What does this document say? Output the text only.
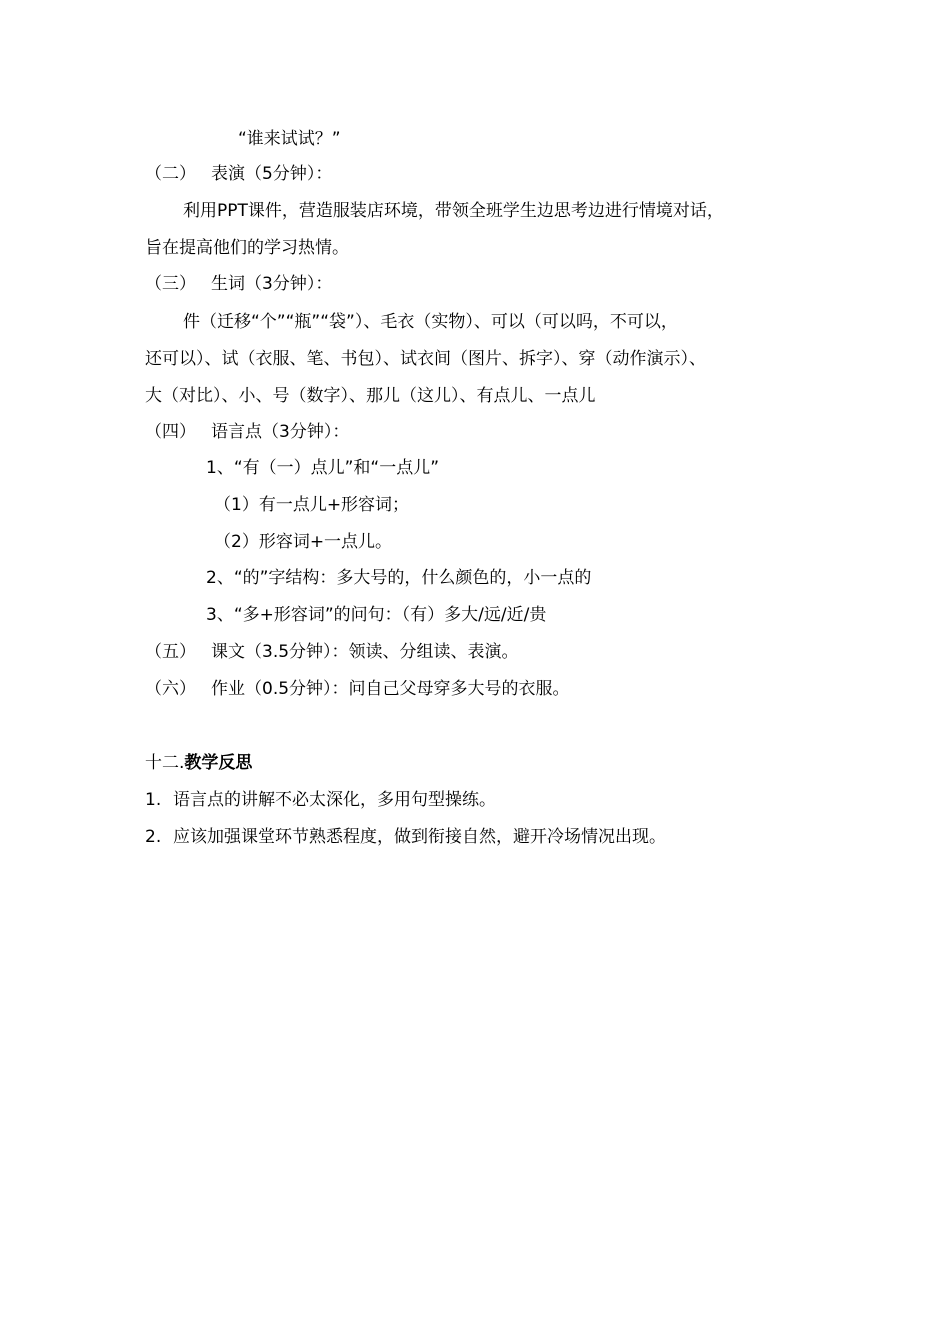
“谁来试试？”
（二） 表演（5分钟）：
利用PPT课件，营造服装店环境，带领全班学生边思考边进行情境对话，
旨在提高他们的学习热情。
（三） 生词（3分钟）：
件（迁移“个”“瓶”“袋”）、毛衣（实物）、可以（可以吗，不可以，
还可以）、试（衣服、笔、书包）、试衣间（图片、拆字）、穿（动作演示）、
大（对比）、小、号（数字）、那儿（这儿）、有点儿、一点儿
（四） 语言点（3分钟）：
1、“有（一）点儿”和“一点儿”
（1）有一点儿+形容词；
（2）形容词+一点儿。
2、“的”字结构：多大号的，什么颜色的，小一点的
3、“多+形容词”的问句：（有）多大/远/近/贵
（五） 课文（3.5分钟）：领读、分组读、表演。
（六） 作业（0.5分钟）：问自己父母穿多大号的衣服。
十二.教学反思
1. 语言点的讲解不必太深化，多用句型操练。
2. 应该加强课堂环节熟悉程度，做到衔接自然，避开冷场情况出现。
